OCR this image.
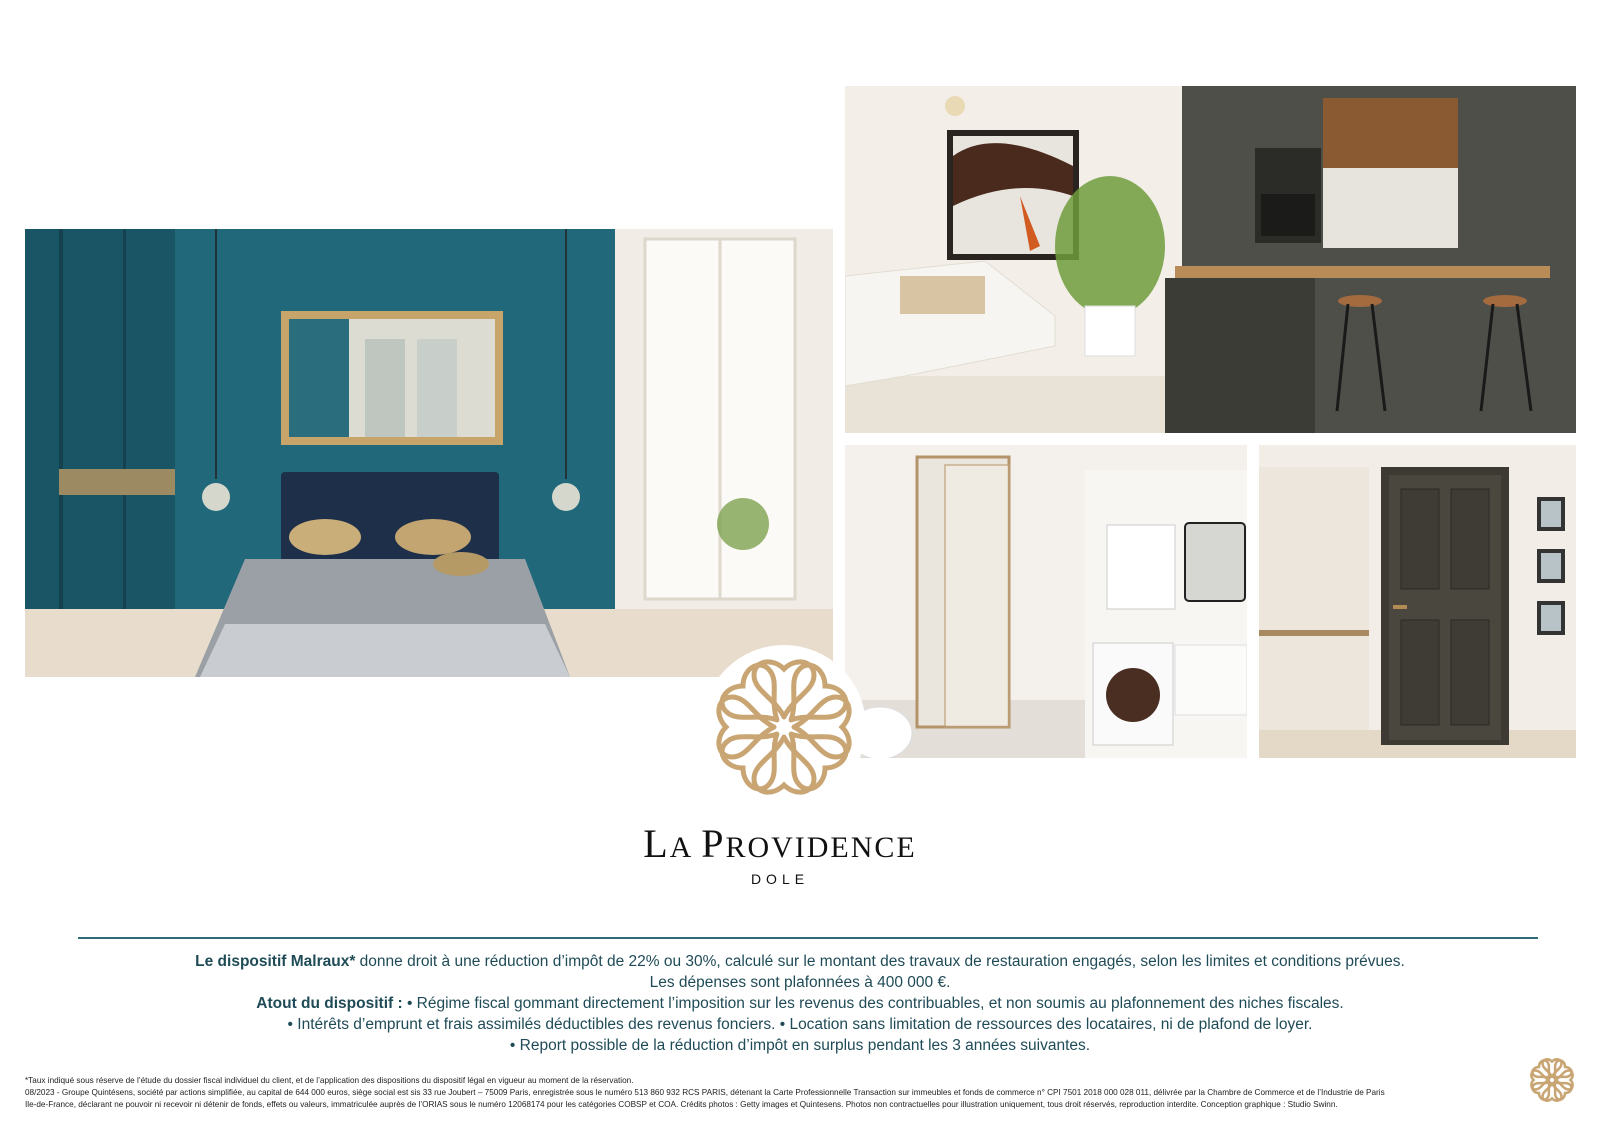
LA PROVIDENCE
DOLE

Le dispositif Malraux* donne droit à une réduction d’impôt de 22% ou 30%, calculé sur le montant des travaux de restauration engagés, selon les limites et conditions prévues.

Les dépenses sont plafonnées à 400 000 €.

Atout du dispositif : • Régime fiscal gommant directement l’imposition sur les revenus des contribuables, et non soumis au plafonnement des niches fiscales.

• Intérêts d’emprunt et frais assimilés déductibles des revenus fonciers. • Location sans limitation de ressources des locataires, ni de plafond de loyer.

• Report possible de la réduction d’impôt en surplus pendant les 3 années suivantes.

*Taux indiqué sous réserve de l’étude du dossier fiscal individuel du client, et de l’application des dispositions du dispositif légal en vigueur au moment de la réservation.

08/2023 - Groupe Quintésens, société par actions simplifiée, au capital de 644 000 euros, siège social est sis 33 rue Joubert – 75009 Paris, enregistrée sous le numéro 513 860 932 RCS PARIS, détenant la Carte Professionnelle Transaction sur immeubles et fonds de commerce n° CPI 7501 2018 000 028 011, délivrée par la Chambre de Commerce et de l’Industrie de Paris

Ile-de-France, déclarant ne pouvoir ni recevoir ni détenir de fonds, effets ou valeurs, immatriculée auprès de l’ORIAS sous le numéro 12068174 pour les catégories COBSP et COA. Crédits photos : Getty images et Quintesens. Photos non contractuelles pour illustration uniquement, tous droit réservés, reproduction interdite. Conception graphique : Studio Swinn.
